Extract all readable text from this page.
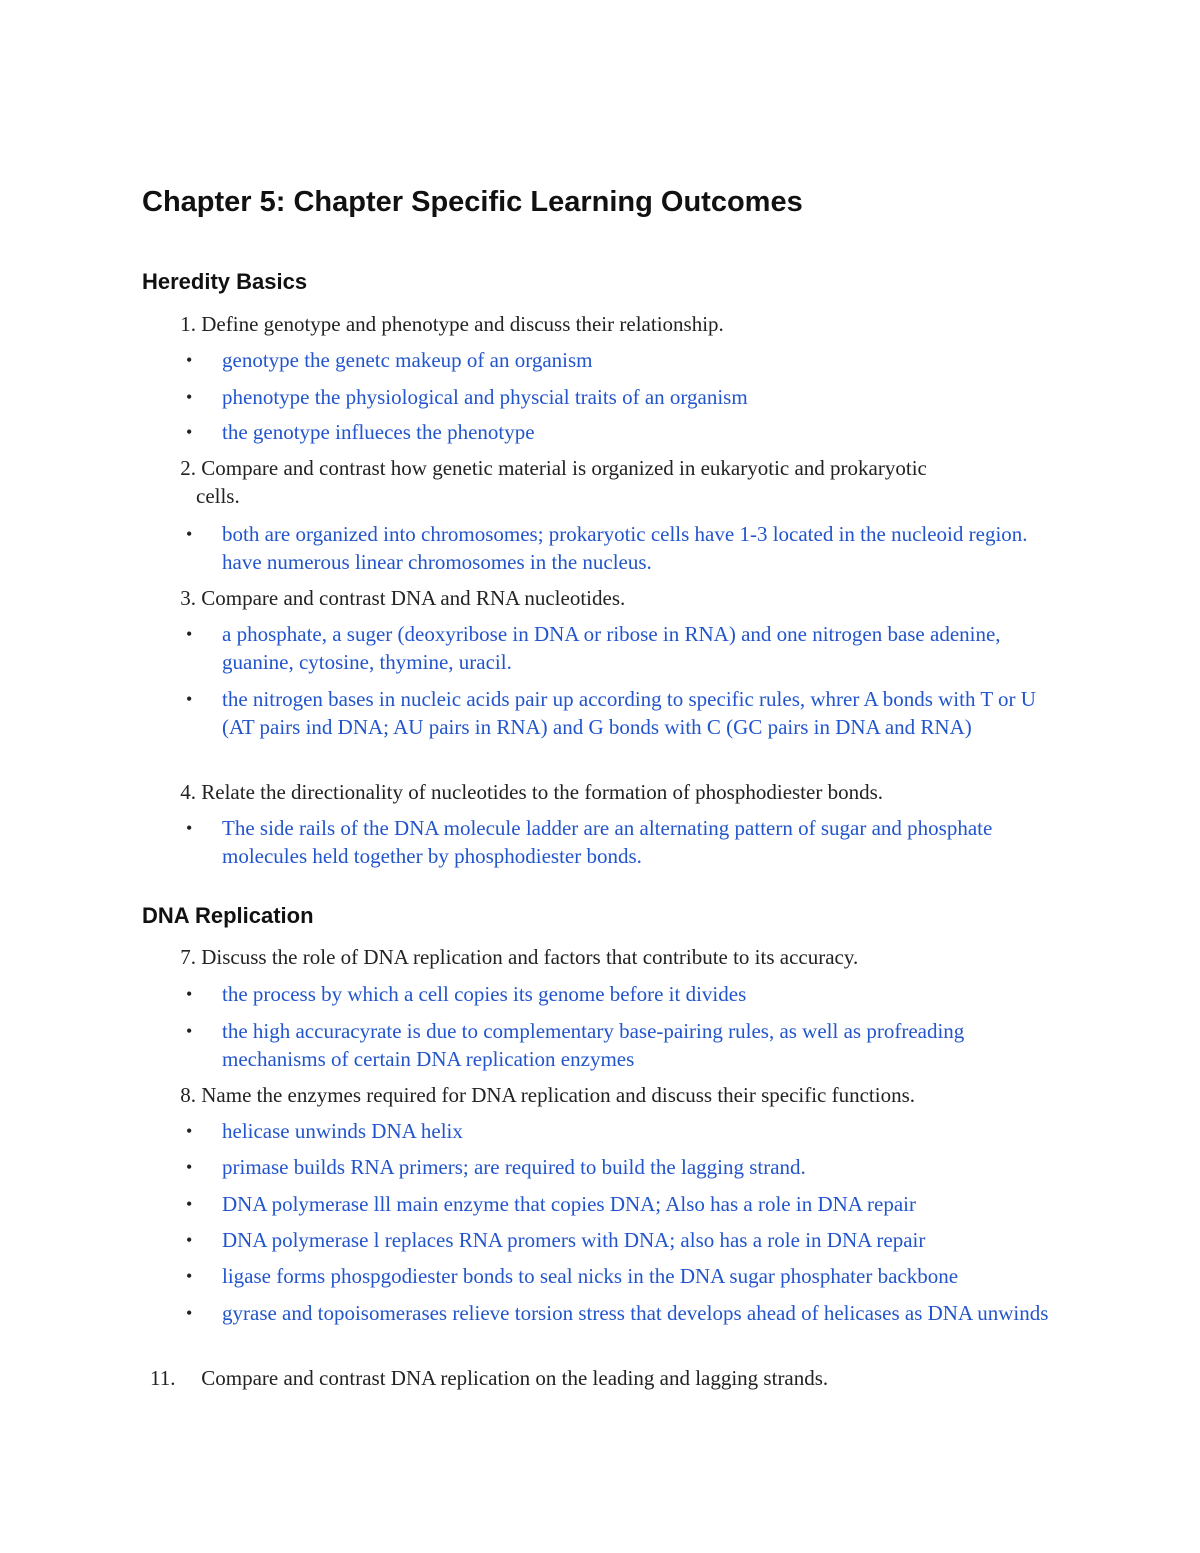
Chapter 5: Chapter Specific Learning Outcomes
Heredity Basics
1. Define genotype and phenotype and discuss their relationship.
• genotype the genetc makeup of an organism
• phenotype the physiological and physcial traits of an organism
• the genotype influeces the phenotype
2. Compare and contrast how genetic material is organized in eukaryotic and prokaryotic
cells.
• both are organized into chromosomes; prokaryotic cells have 1-3 located in the nucleoid region. have numerous linear chromosomes in the nucleus.
3. Compare and contrast DNA and RNA nucleotides.
• a phosphate, a suger (deoxyribose in DNA or ribose in RNA) and one nitrogen base adenine, guanine, cytosine, thymine, uracil.
• the nitrogen bases in nucleic acids pair up according to specific rules, whrer A bonds with T or U (AT pairs ind DNA; AU pairs in RNA) and G bonds with C (GC pairs in DNA and RNA)
4. Relate the directionality of nucleotides to the formation of phosphodiester bonds.
• The side rails of the DNA molecule ladder are an alternating pattern of sugar and phosphate molecules held together by phosphodiester bonds.
DNA Replication
7. Discuss the role of DNA replication and factors that contribute to its accuracy.
• the process by which a cell copies its genome before it divides
• the high accuracyrate is due to complementary base-pairing rules, as well as profreading mechanisms of certain DNA replication enzymes
8. Name the enzymes required for DNA replication and discuss their specific functions.
• helicase unwinds DNA helix
• primase builds RNA primers; are required to build the lagging strand.
• DNA polymerase lll main enzyme that copies DNA; Also has a role in DNA repair
• DNA polymerase l replaces RNA promers with DNA; also has a role in DNA repair
• ligase forms phospgodiester bonds to seal nicks in the DNA sugar phosphater backbone
• gyrase and topoisomerases relieve torsion stress that develops ahead of helicases as DNA unwinds
11. Compare and contrast DNA replication on the leading and lagging strands.
